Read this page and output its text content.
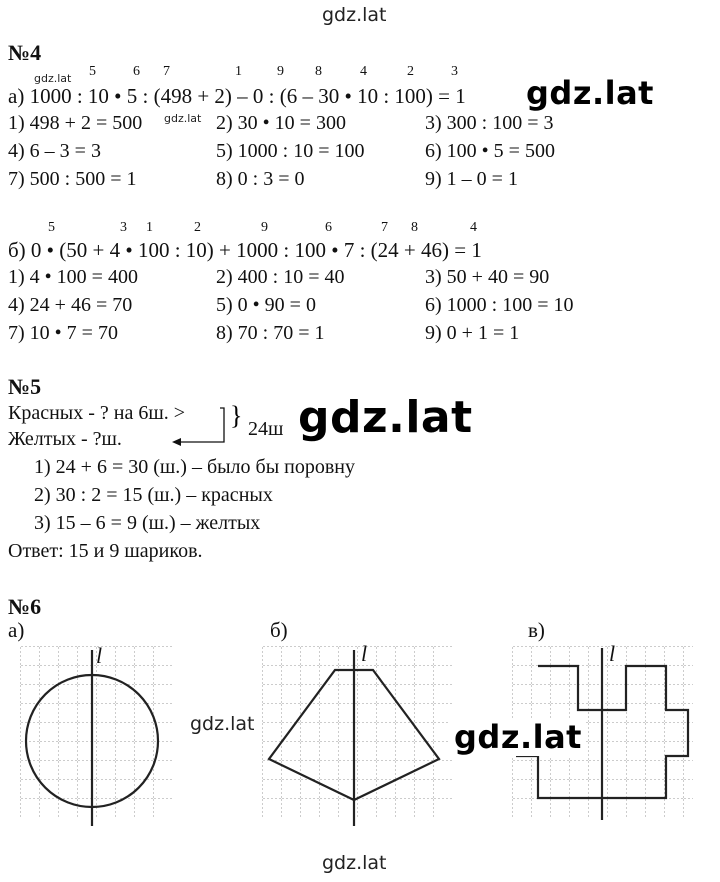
gdz.lat
№4
gdz.lat 5	6 7	1	9 8	4	2	3
а) 1000 : 10 • 5 : (498 + 2) – 0 : (6 – 30 • 10 : 100) = 1 gdz.lat
1) 498 + 2 = 500 gdz.lat 2) 30 • 10 = 300	3) 300 : 100 = 3
4) 6 – 3 = 3	5) 1000 : 10 = 100	6) 100 • 5 = 500
7) 500 : 500 = 1	8) 0 : 3 = 0	9) 1 – 0 = 1
5	3 1	2	9	6	7 8	4
б) 0 • (50 + 4 • 100 : 10) + 1000 : 100 • 7 : (24 + 46) = 1
1) 4 • 100 = 400	2) 400 : 10 = 40	3) 50 + 40 = 90
4) 24 + 46 = 70	5) 0 • 90 = 0	6) 1000 : 100 = 10
7) 10 • 7 = 70	8) 70 : 70 = 1	9) 0 + 1 = 1
№5
Красных - ? на 6ш. >
Желтых - ?ш.
} 24ш gdz.lat
1) 24 + 6 = 30 (ш.) – было бы поровну
2) 30 : 2 = 15 (ш.) – красных
3) 15 – 6 = 9 (ш.) – желтых
Ответ: 15 и 9 шариков.
№6
а)	б)	в)
l	l
gdz.lat
l
gdz.lat
gdz.lat
